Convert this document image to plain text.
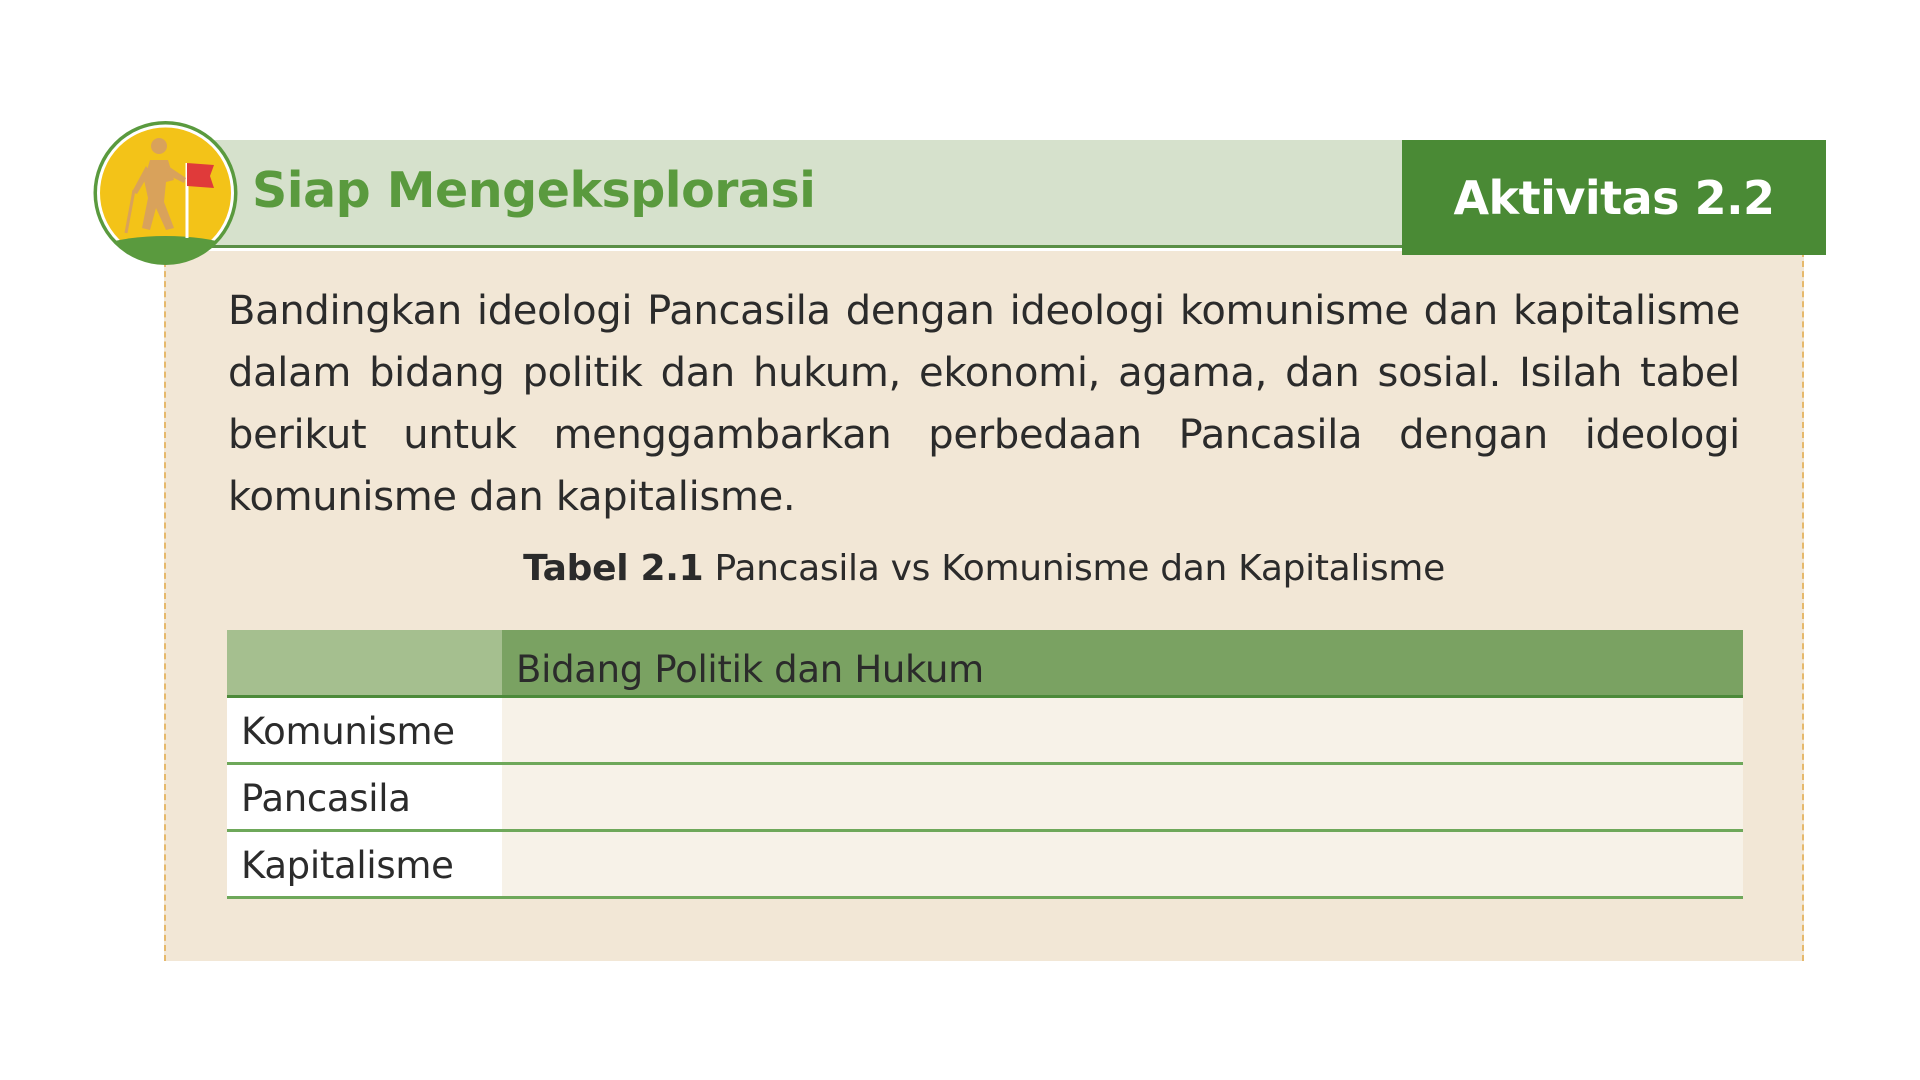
Siap Mengeksplorasi	Aktivitas 2.2
Bandingkan ideologi Pancasila dengan ideologi komunisme dan kapitalisme dalam bidang politik dan hukum, ekonomi, agama, dan sosial. Isilah tabel berikut untuk menggambarkan perbedaan Pancasila dengan ideologi komunisme dan kapitalisme.
Tabel 2.1 Pancasila vs Komunisme dan Kapitalisme
Bidang Politik dan Hukum
Komunisme
Pancasila
Kapitalisme
